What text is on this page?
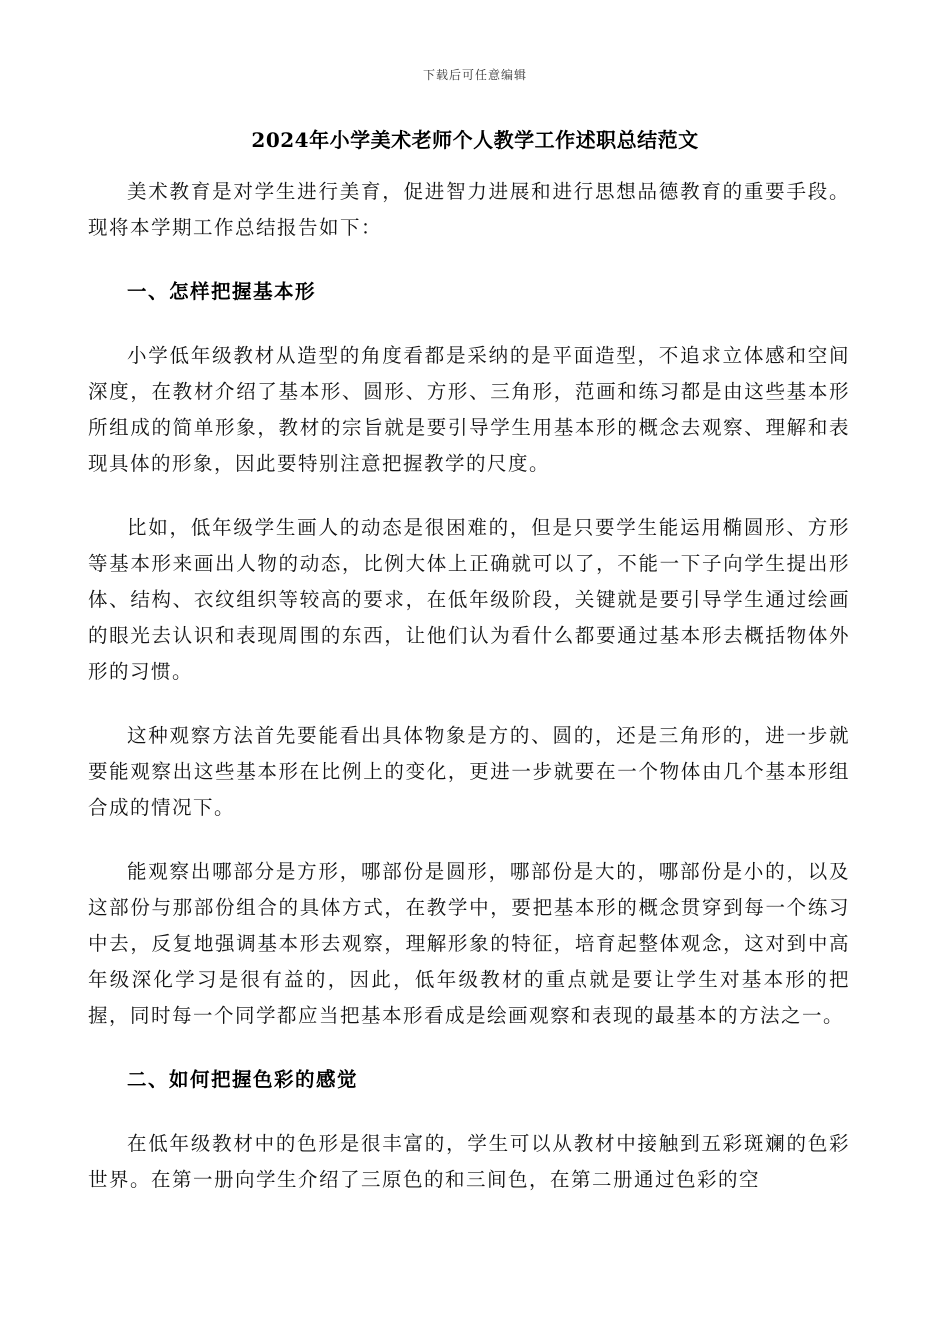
下载后可任意编辑
2024年小学美术老师个人教学工作述职总结范文

美术教育是对学生进行美育，促进智力进展和进行思想品德教育的重要手段。现将本学期工作总结报告如下：

一、怎样把握基本形

小学低年级教材从造型的角度看都是采纳的是平面造型，不追求立体感和空间深度，在教材介绍了基本形、圆形、方形、三角形，范画和练习都是由这些基本形所组成的简单形象，教材的宗旨就是要引导学生用基本形的概念去观察、理解和表现具体的形象，因此要特别注意把握教学的尺度。

比如，低年级学生画人的动态是很困难的，但是只要学生能运用椭圆形、方形等基本形来画出人物的动态，比例大体上正确就可以了，不能一下子向学生提出形体、结构、衣纹组织等较高的要求，在低年级阶段，关键就是要引导学生通过绘画的眼光去认识和表现周围的东西，让他们认为看什么都要通过基本形去概括物体外形的习惯。

这种观察方法首先要能看出具体物象是方的、圆的，还是三角形的，进一步就要能观察出这些基本形在比例上的变化，更进一步就要在一个物体由几个基本形组合成的情况下。

能观察出哪部分是方形，哪部份是圆形，哪部份是大的，哪部份是小的，以及这部份与那部份组合的具体方式，在教学中，要把基本形的概念贯穿到每一个练习中去，反复地强调基本形去观察，理解形象的特征，培育起整体观念，这对到中高年级深化学习是很有益的，因此，低年级教材的重点就是要让学生对基本形的把握，同时每一个同学都应当把基本形看成是绘画观察和表现的最基本的方法之一。

二、如何把握色彩的感觉

在低年级教材中的色形是很丰富的，学生可以从教材中接触到五彩斑斓的色彩世界。在第一册向学生介绍了三原色的和三间色，在第二册通过色彩的空
